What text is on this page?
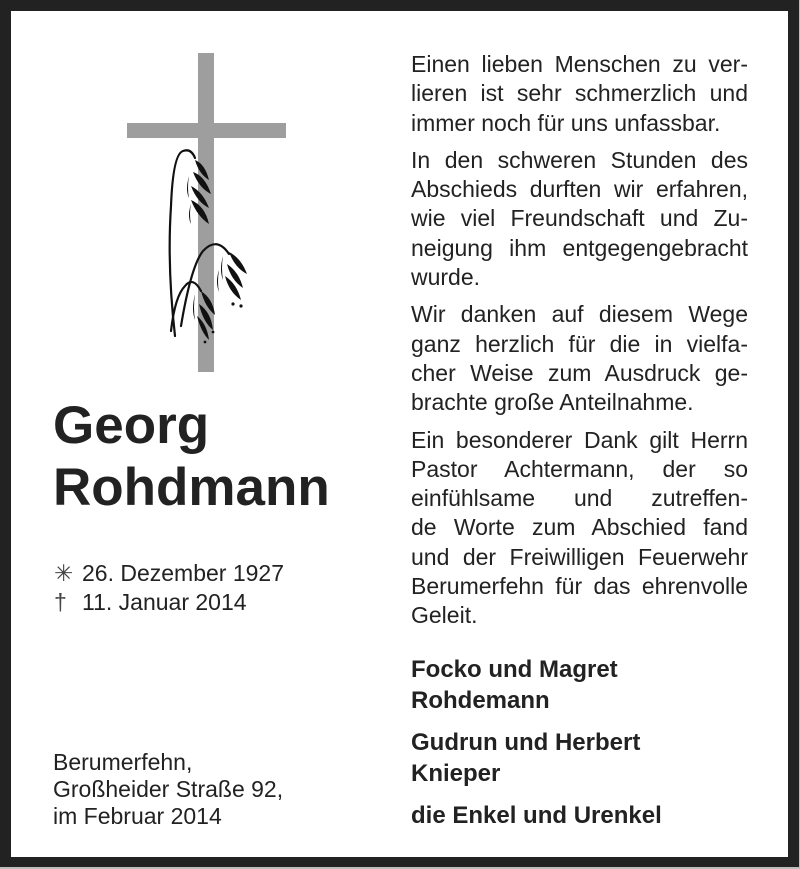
Georg
Rohdmann
✳ 26. Dezember 1927
† 11. Januar 2014
Berumerfehn,
Großheider Straße 92,
im Februar 2014
Einen lieben Menschen zu ver-
lieren ist sehr schmerzlich und
immer noch für uns unfassbar.
In den schweren Stunden des
Abschieds durften wir erfahren,
wie viel Freundschaft und Zu-
neigung ihm entgegengebracht
wurde.
Wir danken auf diesem Wege
ganz herzlich für die in vielfa-
cher Weise zum Ausdruck ge-
brachte große Anteilnahme.
Ein besonderer Dank gilt Herrn
Pastor Achtermann, der so
einfühlsame und zutreffen-
de Worte zum Abschied fand
und der Freiwilligen Feuerwehr
Berumerfehn für das ehrenvolle
Geleit.
Focko und Magret
Rohdemann
Gudrun und Herbert
Knieper
die Enkel und Urenkel
